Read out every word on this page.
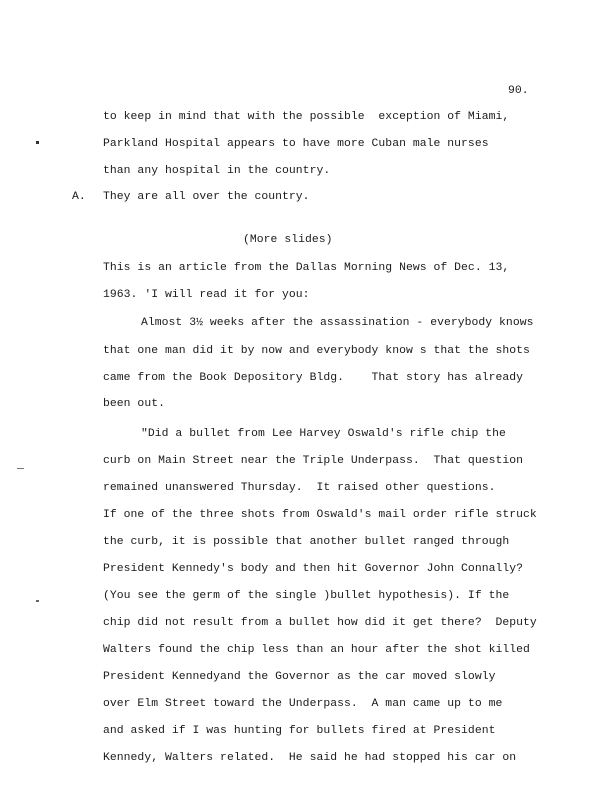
90.
to keep in mind that with the possible  exception of Miami,
Parkland Hospital appears to have more Cuban male nurses
than any hospital in the country.
A. They are all over the country.
(More slides)
This is an article from the Dallas Morning News of Dec. 13,
1963. 'I will read it for you:
Almost 3½ weeks after the assassination - everybody knows
that one man did it by now and everybody know s that the shots
came from the Book Depository Bldg.    That story has already
been out.
"Did a bullet from Lee Harvey Oswald's rifle chip the
curb on Main Street near the Triple Underpass.  That question
remained unanswered Thursday.  It raised other questions.
If one of the three shots from Oswald's mail order rifle struck
the curb, it is possible that another bullet ranged through
President Kennedy's body and then hit Governor John Connally?
(You see the germ of the single )bullet hypothesis). If the
chip did not result from a bullet how did it get there?  Deputy
Walters found the chip less than an hour after the shot killed
President Kennedyand the Governor as the car moved slowly
over Elm Street toward the Underpass.  A man came up to me
and asked if I was hunting for bullets fired at President
Kennedy, Walters related.  He said he had stopped his car on
